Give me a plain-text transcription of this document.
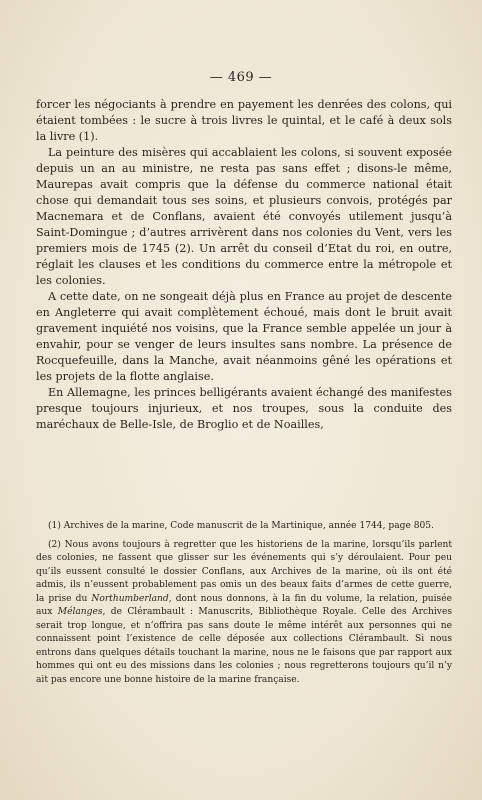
— 469 —

forcer les négociants à prendre en payement les denrées des colons, qui étaient tombées : le sucre à trois livres le quintal, et le café à deux sols la livre (1).

La peinture des misères qui accablaient les colons, si souvent exposée depuis un an au ministre, ne resta pas sans effet ; disons-le même, Maurepas avait compris que la défense du commerce national était chose qui demandait tous ses soins, et plusieurs convois, protégés par Macnemara et de Conflans, avaient été convoyés utilement jusqu’à Saint-Domingue ; d’autres arrivèrent dans nos colonies du Vent, vers les premiers mois de 1745 (2). Un arrêt du conseil d’Etat du roi, en outre, réglait les clauses et les conditions du commerce entre la métropole et les colonies.

A cette date, on ne songeait déjà plus en France au projet de descente en Angleterre qui avait complètement échoué, mais dont le bruit avait gravement inquiété nos voisins, que la France semble appelée un jour à envahir, pour se venger de leurs insultes sans nombre. La présence de Rocquefeuille, dans la Manche, avait néanmoins gêné les opérations et les projets de la flotte anglaise.

En Allemagne, les princes belligérants avaient échangé des manifestes presque toujours injurieux, et nos troupes, sous la conduite des maréchaux de Belle-Isle, de Broglio et de Noailles,

(1) Archives de la marine, Code manuscrit de la Martinique, année 1744, page 805.

(2) Nous avons toujours à regretter que les historiens de la marine, lorsqu’ils parlent des colonies, ne fassent que glisser sur les événements qui s’y déroulaient. Pour peu qu’ils eussent consulté le dossier Conflans, aux Archives de la marine, où ils ont été admis, ils n’eussent probablement pas omis un des beaux faits d’armes de cette guerre, la prise du Northumberland, dont nous donnons, à la fin du volume, la relation, puisée aux Mélanges, de Clérambault : Manuscrits, Bibliothèque Royale. Celle des Archives serait trop longue, et n’offrira pas sans doute le même intérêt aux personnes qui ne connaissent point l’existence de celle déposée aux collections Clérambault. Si nous entrons dans quelques détails touchant la marine, nous ne le faisons que par rapport aux hommes qui ont eu des missions dans les colonies ; nous regretterons toujours qu’il n’y ait pas encore une bonne histoire de la marine française.
